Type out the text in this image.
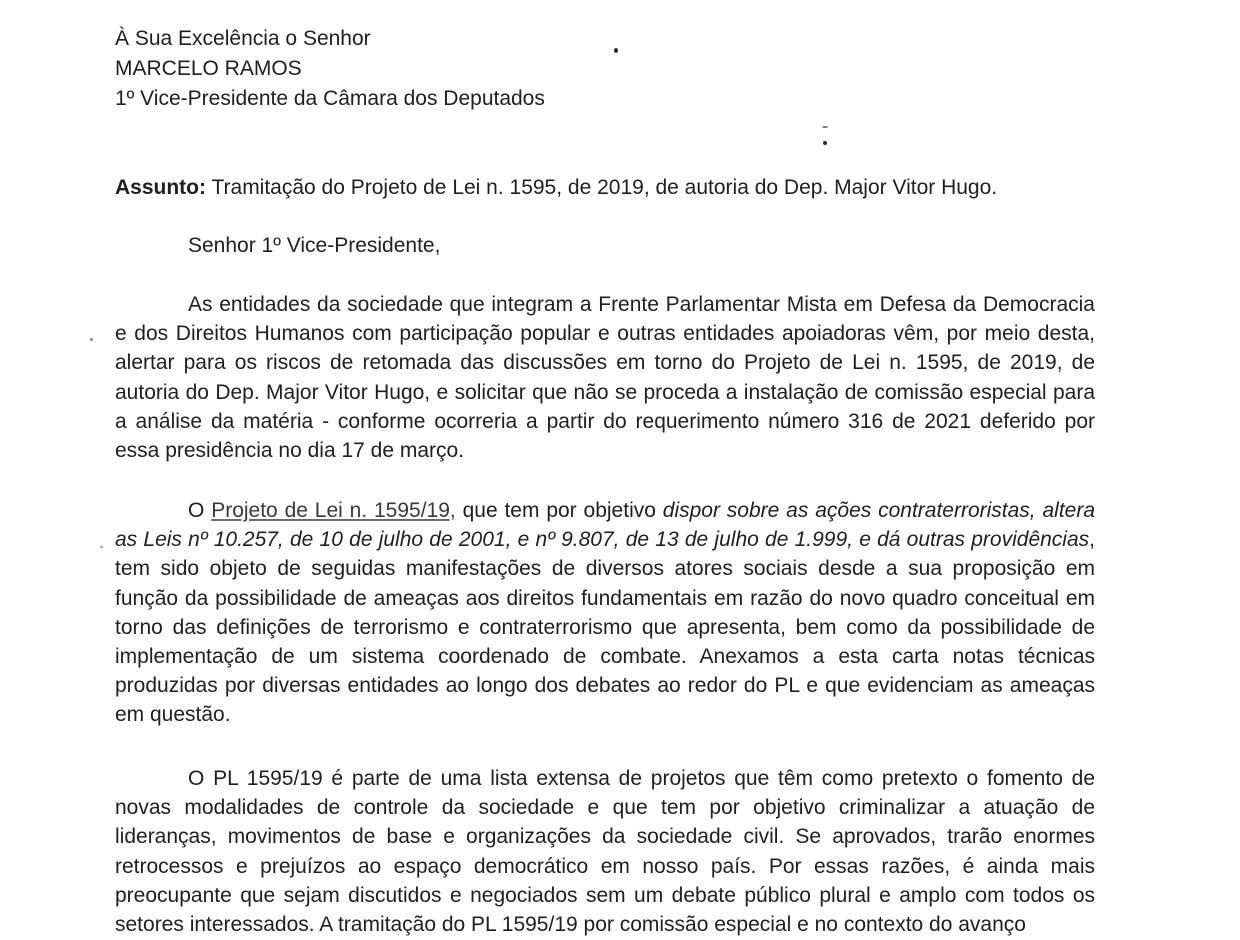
À Sua Excelência o Senhor
MARCELO RAMOS
1º Vice-Presidente da Câmara dos Deputados
Assunto: Tramitação do Projeto de Lei n. 1595, de 2019, de autoria do Dep. Major Vitor Hugo.
Senhor 1º Vice-Presidente,

As entidades da sociedade que integram a Frente Parlamentar Mista em Defesa da Democracia e dos Direitos Humanos com participação popular e outras entidades apoiadoras vêm, por meio desta, alertar para os riscos de retomada das discussões em torno do Projeto de Lei n. 1595, de 2019, de autoria do Dep. Major Vitor Hugo, e solicitar que não se proceda a instalação de comissão especial para a análise da matéria - conforme ocorreria a partir do requerimento número 316 de 2021 deferido por essa presidência no dia 17 de março.

O Projeto de Lei n. 1595/19, que tem por objetivo dispor sobre as ações contraterroristas, altera as Leis nº 10.257, de 10 de julho de 2001, e nº 9.807, de 13 de julho de 1.999, e dá outras providências, tem sido objeto de seguidas manifestações de diversos atores sociais desde a sua proposição em função da possibilidade de ameaças aos direitos fundamentais em razão do novo quadro conceitual em torno das definições de terrorismo e contraterrorismo que apresenta, bem como da possibilidade de implementação de um sistema coordenado de combate. Anexamos a esta carta notas técnicas produzidas por diversas entidades ao longo dos debates ao redor do PL e que evidenciam as ameaças em questão.

O PL 1595/19 é parte de uma lista extensa de projetos que têm como pretexto o fomento de novas modalidades de controle da sociedade e que tem por objetivo criminalizar a atuação de lideranças, movimentos de base e organizações da sociedade civil. Se aprovados, trarão enormes retrocessos e prejuízos ao espaço democrático em nosso país. Por essas razões, é ainda mais preocupante que sejam discutidos e negociados sem um debate público plural e amplo com todos os setores interessados. A tramitação do PL 1595/19 por comissão especial e no contexto do avanço
